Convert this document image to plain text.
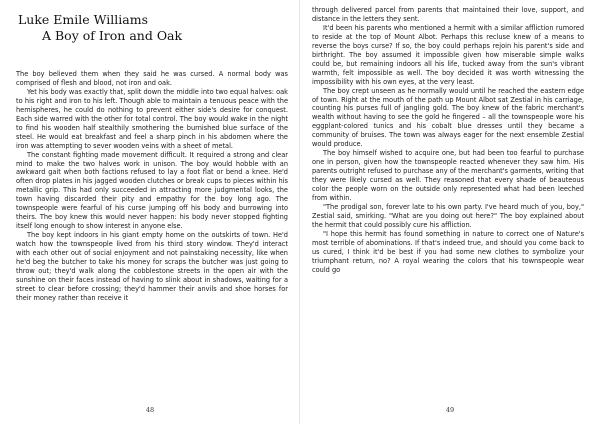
Luke Emile Williams
A Boy of Iron and Oak

The boy believed them when they said he was cursed. A normal body was comprised of flesh and blood, not iron and oak.

Yet his body was exactly that, split down the middle into two equal halves: oak to his right and iron to his left. Though able to maintain a tenuous peace with the hemispheres, he could do nothing to prevent either side's desire for conquest. Each side warred with the other for total control. The boy would wake in the night to find his wooden half stealthily smothering the burnished blue surface of the steel. He would eat breakfast and feel a sharp pinch in his abdomen where the iron was attempting to sever wooden veins with a sheet of metal.

The constant fighting made movement difficult. It required a strong and clear mind to make the two halves work in unison. The boy would hobble with an awkward gait when both factions refused to lay a foot flat or bend a knee. He'd often drop plates in his jagged wooden clutches or break cups to pieces within his metallic grip. This had only succeeded in attracting more judgmental looks, the town having discarded their pity and empathy for the boy long ago. The townspeople were fearful of his curse jumping off his body and burrowing into theirs. The boy knew this would never happen: his body never stopped fighting itself long enough to show interest in anyone else.

The boy kept indoors in his giant empty home on the outskirts of town. He'd watch how the townspeople lived from his third story window. They'd interact with each other out of social enjoyment and not painstaking necessity, like when he'd beg the butcher to take his money for scraps the butcher was just going to throw out; they'd walk along the cobblestone streets in the open air with the sunshine on their faces instead of having to slink about in shadows, waiting for a street to clear before crossing; they'd hammer their anvils and shoe horses for their money rather than receive it

48

through delivered parcel from parents that maintained their love, support, and distance in the letters they sent.

It'd been his parents who mentioned a hermit with a similar affliction rumored to reside at the top of Mount Albot. Perhaps this recluse knew of a means to reverse the boys curse? If so, the boy could perhaps rejoin his parent's side and birthright. The boy assumed it impossible given how miserable simple walks could be, but remaining indoors all his life, tucked away from the sun's vibrant warmth, felt impossible as well. The boy decided it was worth witnessing the impossibility with his own eyes, at the very least.

The boy crept unseen as he normally would until he reached the eastern edge of town. Right at the mouth of the path up Mount Albot sat Zestial in his carriage, counting his purses full of jangling gold. The boy knew of the fabric merchant's wealth without having to see the gold he fingered – all the townspeople wore his eggplant-colored tunics and his cobalt blue dresses until they became a community of bruises. The town was always eager for the next ensemble Zestial would produce.

The boy himself wished to acquire one, but had been too fearful to purchase one in person, given how the townspeople reacted whenever they saw him. His parents outright refused to purchase any of the merchant's garments, writing that they were likely cursed as well. They reasoned that every shade of beauteous color the people worn on the outside only represented what had been leeched from within.

"The prodigal son, forever late to his own party. I've heard much of you, boy," Zestial said, smirking. "What are you doing out here?" The boy explained about the hermit that could possibly cure his affliction.

"I hope this hermit has found something in nature to correct one of Nature's most terrible of abominations. If that's indeed true, and should you come back to us cured, I think it'd be best if you had some new clothes to symbolize your triumphant return, no? A royal wearing the colors that his townspeople wear could go

49
